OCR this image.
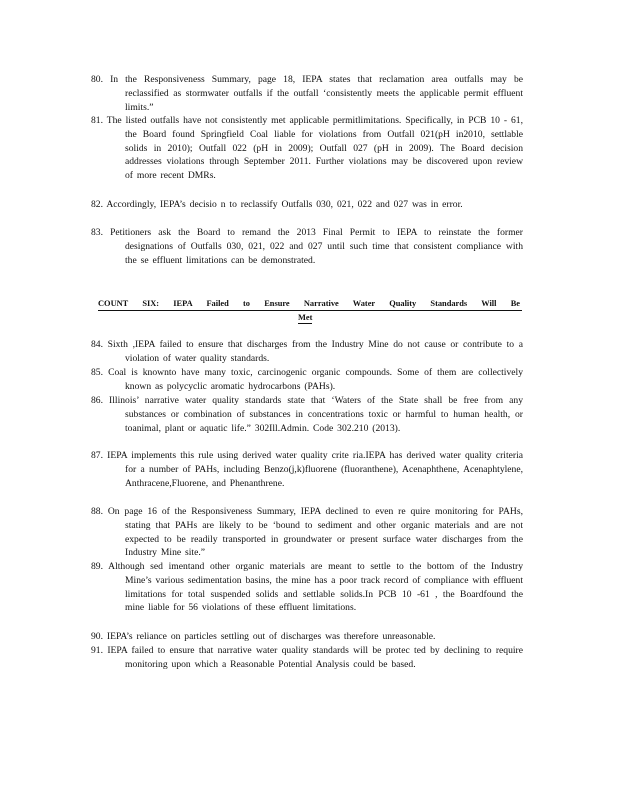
80. In the Responsiveness Summary, page 18, IEPA states that reclamation area outfalls may be reclassified as stormwater outfalls if the outfall ‘consistently meets the applicable permit effluent limits.”
81. The listed outfalls have not consistently met applicable permitlimitations. Specifically, in PCB 10 - 61, the Board found Springfield Coal liable for violations from Outfall 021(pH in2010, settlable solids in 2010); Outfall 022 (pH in 2009); Outfall 027 (pH in 2009). The Board decision addresses violations through September 2011. Further violations may be discovered upon review of more recent DMRs.
82. Accordingly, IEPA’s decisio n to reclassify Outfalls 030, 021, 022 and 027 was in error.
83. Petitioners ask the Board to remand the 2013 Final Permit to IEPA to reinstate the former designations of Outfalls 030, 021, 022 and 027 until such time that consistent compliance with the se effluent limitations can be demonstrated.
COUNT SIX: IEPA Failed to Ensure Narrative Water Quality Standards Will Be
Met
84. Sixth ,IEPA failed to ensure that discharges from the Industry Mine do not cause or contribute to a violation of water quality standards.
85. Coal is knownto have many toxic, carcinogenic organic compounds. Some of them are collectively known as polycyclic aromatic hydrocarbons (PAHs).
86. Illinois’ narrative water quality standards state that ‘Waters of the State shall be free from any substances or combination of substances in concentrations toxic or harmful to human health, or toanimal, plant or aquatic life.” 302Ill.Admin. Code 302.210 (2013).
87. IEPA implements this rule using derived water quality crite ria.IEPA has derived water quality criteria for a number of PAHs, including Benzo(j,k)fluorene (fluoranthene), Acenaphthene, Acenaphtylene, Anthracene,Fluorene, and Phenanthrene.
88. On page 16 of the Responsiveness Summary, IEPA declined to even re quire monitoring for PAHs, stating that PAHs are likely to be ‘bound to sediment and other organic materials and are not expected to be readily transported in groundwater or present surface water discharges from the Industry Mine site.”
89. Although sed imentand other organic materials are meant to settle to the bottom of the Industry Mine’s various sedimentation basins, the mine has a poor track record of compliance with effluent limitations for total suspended solids and settlable solids.In PCB 10 -61 , the Boardfound the mine liable for 56 violations of these effluent limitations.
90. IEPA’s reliance on particles settling out of discharges was therefore unreasonable.
91. IEPA failed to ensure that narrative water quality standards will be protec ted by declining to require monitoring upon which a Reasonable Potential Analysis could be based.
